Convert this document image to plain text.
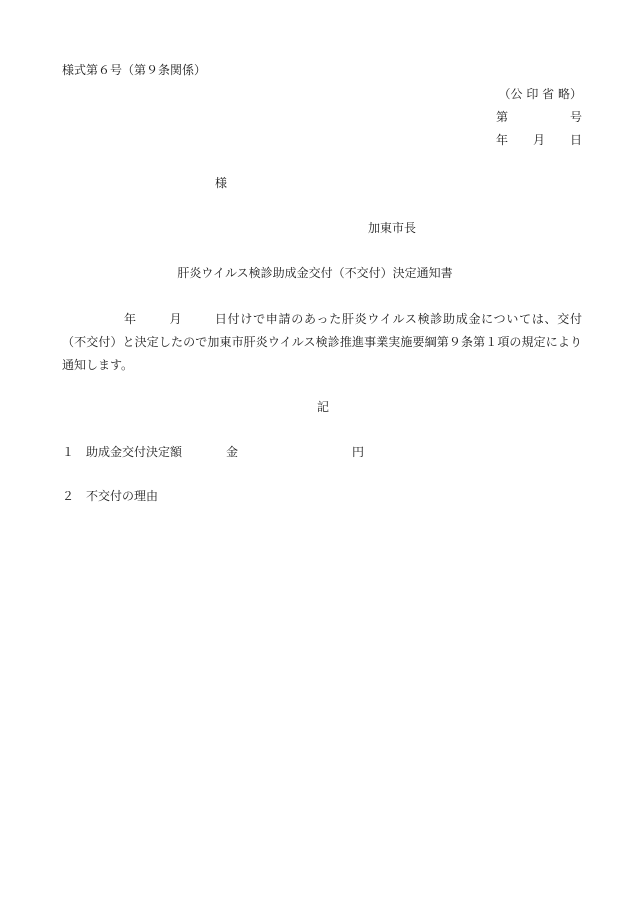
様式第６号（第９条関係）
（公 印 省 略）
第	号
年 月 日
様
加東市長
肝炎ウイルス検診助成金交付（不交付）決定通知書
年	月	日付けで申請のあった肝炎ウイルス検診助成金については、交付（不交付）と決定したので加東市肝炎ウイルス検診推進事業実施要綱第９条第１項の規定により通知します。
記
１ 助成金交付決定額	金	円
２ 不交付の理由
